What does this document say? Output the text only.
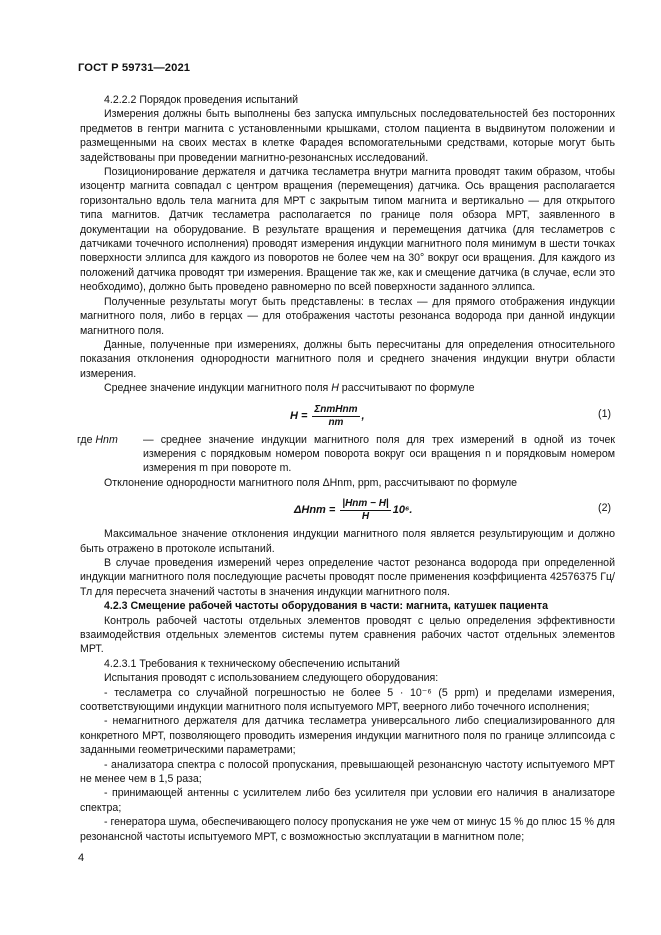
ГОСТ Р 59731—2021

4.2.2.2 Порядок проведения испытаний

Измерения должны быть выполнены без запуска импульсных последовательностей без посторонних предметов в гентри магнита с установленными крышками, столом пациента в выдвинутом положении и размещенными на своих местах в клетке Фарадея вспомогательными средствами, которые могут быть задействованы при проведении магнитно-резонансных исследований.

Позиционирование держателя и датчика тесламетра внутри магнита проводят таким образом, чтобы изоцентр магнита совпадал с центром вращения (перемещения) датчика. Ось вращения располагается горизонтально вдоль тела магнита для МРТ с закрытым типом магнита и вертикально — для открытого типа магнитов. Датчик тесламетра располагается по границе поля обзора МРТ, заявленного в документации на оборудование. В результате вращения и перемещения датчика (для тесламетров с датчиками точечного исполнения) проводят измерения индукции магнитного поля минимум в шести точках поверхности эллипса для каждого из поворотов не более чем на 30° вокруг оси вращения. Для каждого из положений датчика проводят три измерения. Вращение так же, как и смещение датчика (в случае, если это необходимо), должно быть проведено равномерно по всей поверхности заданного эллипса.

Полученные результаты могут быть представлены: в теслах — для прямого отображения индукции магнитного поля, либо в герцах — для отображения частоты резонанса водорода при данной индукции магнитного поля.

Данные, полученные при измерениях, должны быть пересчитаны для определения относительного показания отклонения однородности магнитного поля и среднего значения индукции внутри области измерения.

Среднее значение индукции магнитного поля H рассчитывают по формуле

$H = \frac{\text{ΣnmHnm}}{nm}$ ,	(1)
где Hnm — среднее значение индукции магнитного поля для трех измерений в одной из точек измерения с порядковым номером поворота вокруг оси вращения n и порядковым номером измерения m при повороте m.

Отклонение однородности магнитного поля ΔHnm, ppm, рассчитывают по формуле

$\Delta Hnm = \frac{\text{|Hnm − H|}}{H} 10^6$.	(2)

Максимальное значение отклонения индукции магнитного поля является результирующим и должно быть отражено в протоколе испытаний.

В случае проведения измерений через определение частот резонанса водорода при определенной индукции магнитного поля последующие расчеты проводят после применения коэффициента 42576375 Гц/Тл для пересчета значений частоты в значения индукции магнитного поля.

4.2.3 Смещение рабочей частоты оборудования в части: магнита, катушек пациента

Контроль рабочей частоты отдельных элементов проводят с целью определения эффективности взаимодействия отдельных элементов системы путем сравнения рабочих частот отдельных элементов МРТ.

4.2.3.1 Требования к техническому обеспечению испытаний

Испытания проводят с использованием следующего оборудования:

- тесламетра со случайной погрешностью не более 5 · 10⁻⁶ (5 ppm) и пределами измерения, соответствующими индукции магнитного поля испытуемого МРТ, веерного либо точечного исполнения;

- немагнитного держателя для датчика тесламетра универсального либо специализированного для конкретного МРТ, позволяющего проводить измерения индукции магнитного поля по границе эллипсоида с заданными геометрическими параметрами;

- анализатора спектра с полосой пропускания, превышающей резонансную частоту испытуемого МРТ не менее чем в 1,5 раза;

- принимающей антенны с усилителем либо без усилителя при условии его наличия в анализаторе спектра;

- генератора шума, обеспечивающего полосу пропускания не уже чем от минус 15 % до плюс 15 % для резонансной частоты испытуемого МРТ, с возможностью эксплуатации в магнитном поле;

4
